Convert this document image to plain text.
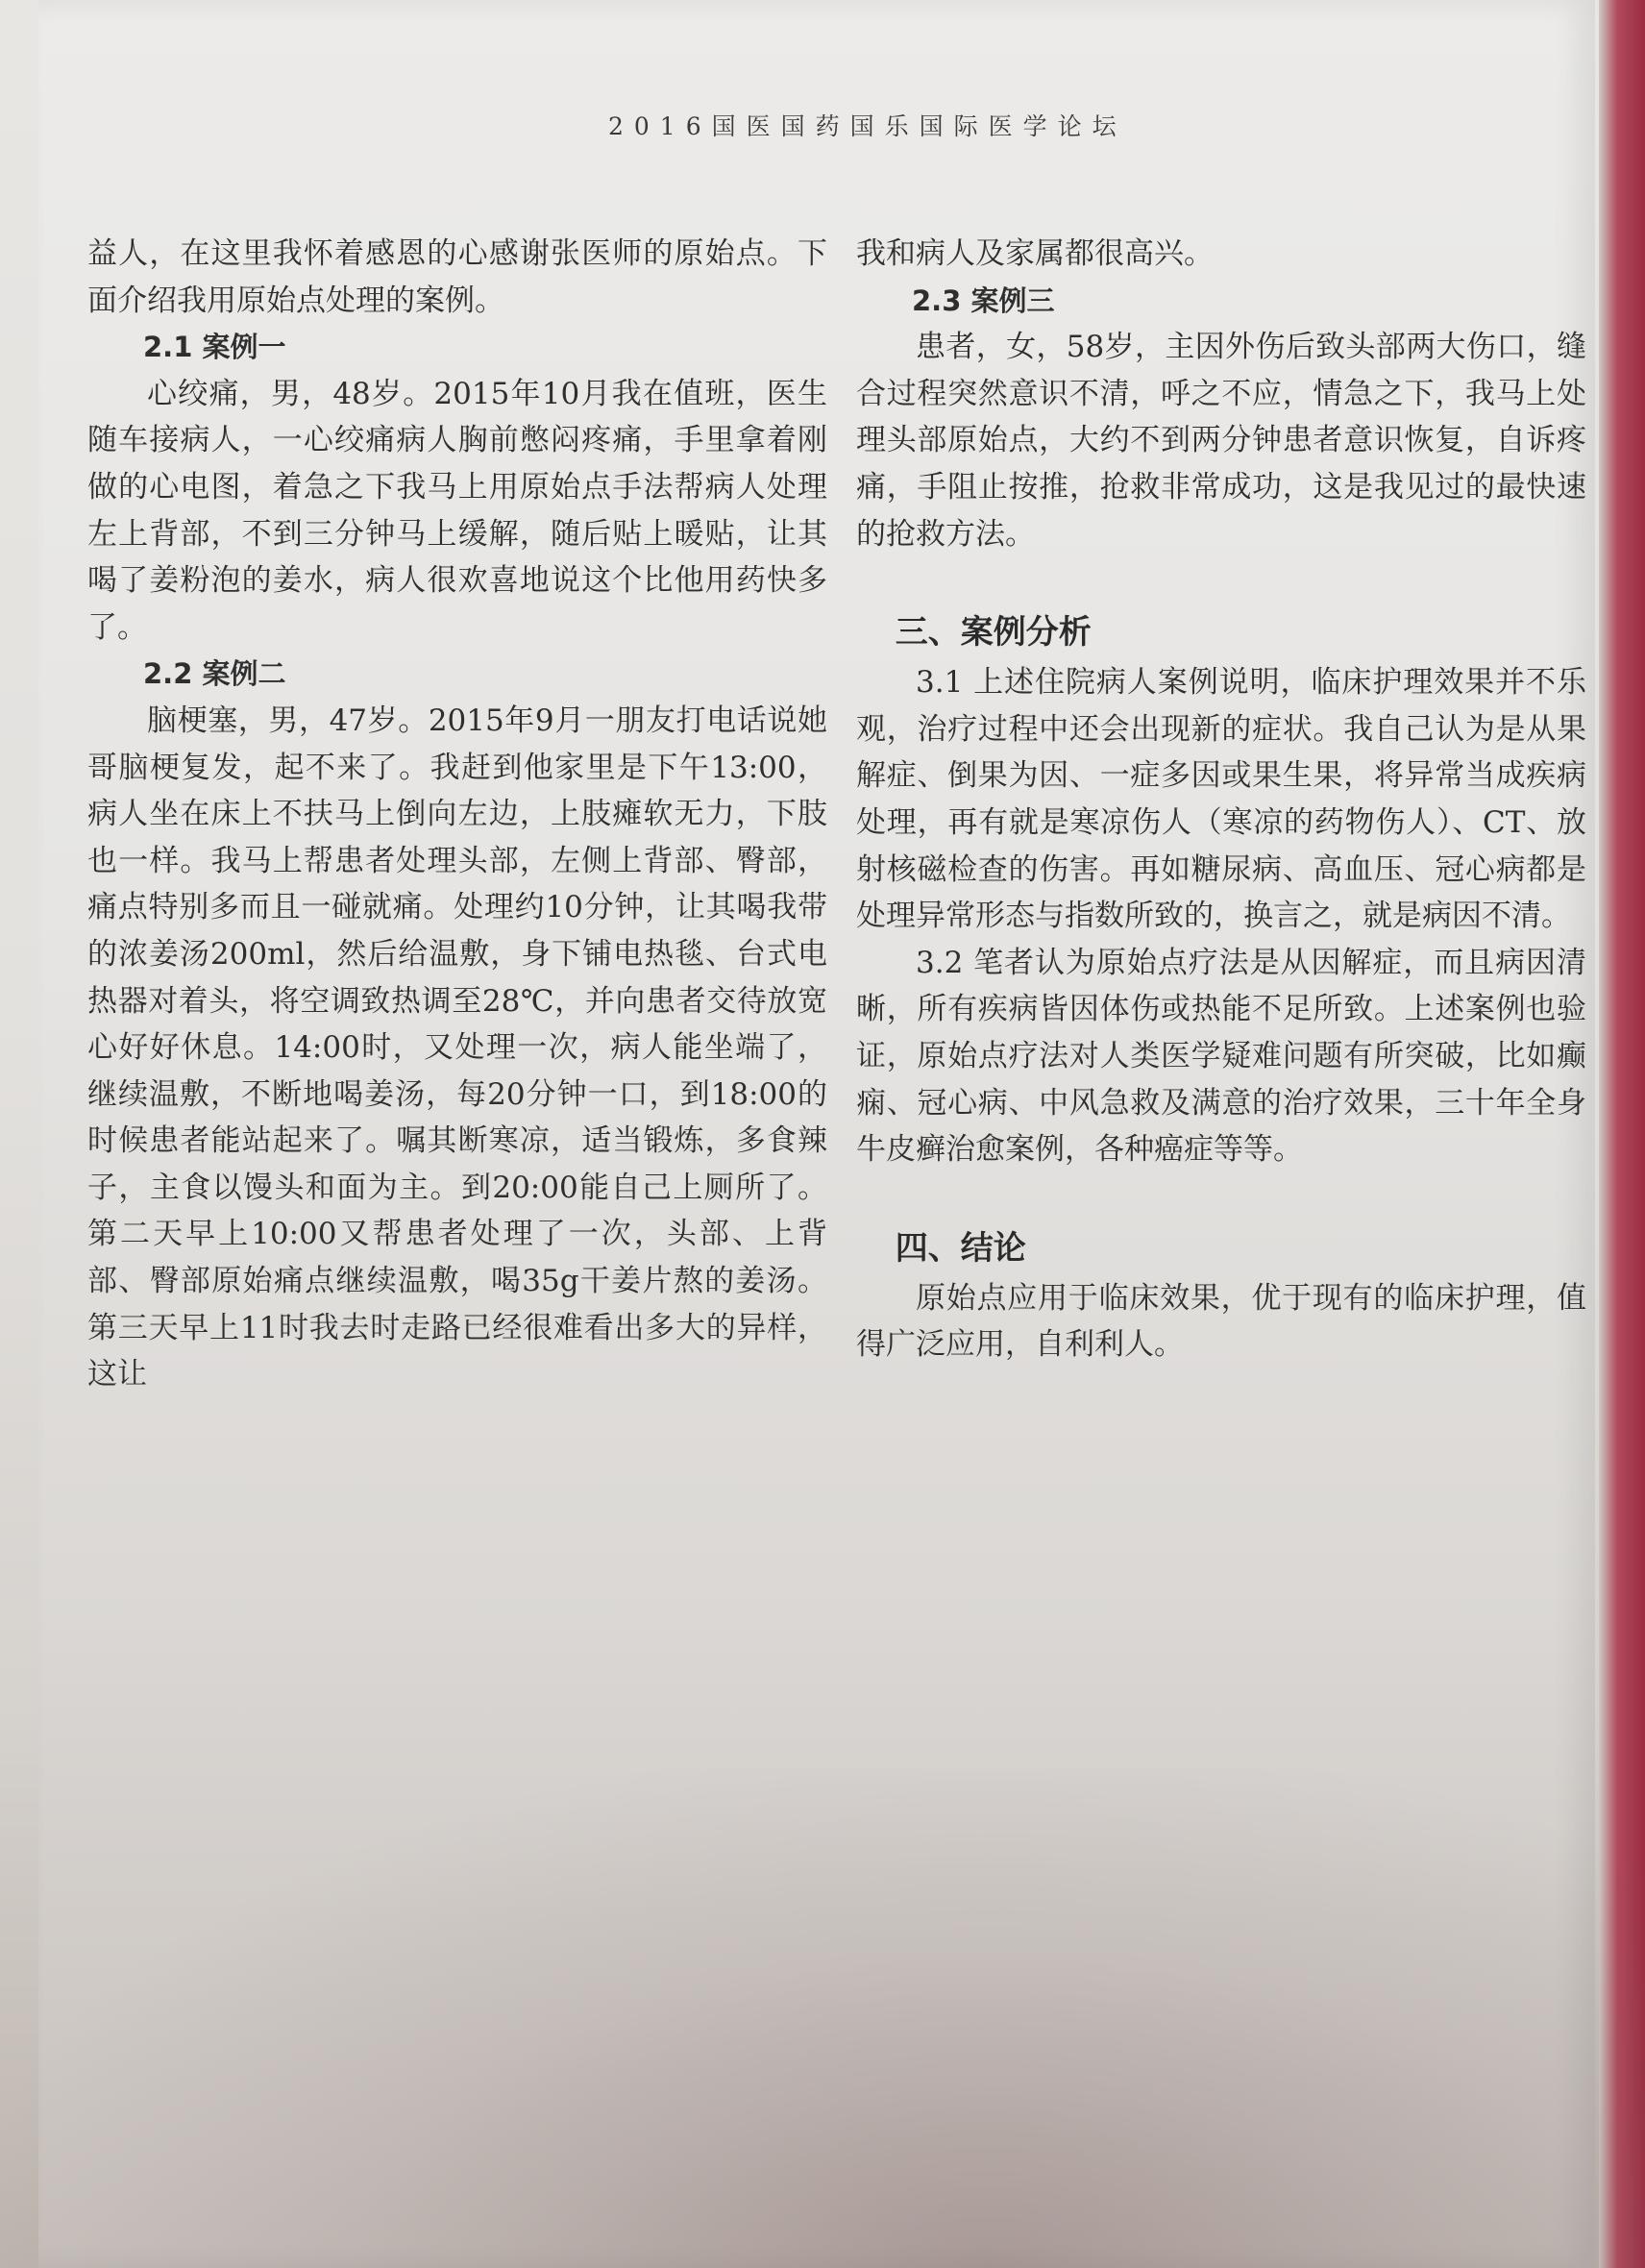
2016国医国药国乐国际医学论坛

益人，在这里我怀着感恩的心感谢张医师的原始点。下面介绍我用原始点处理的案例。

2.1 案例一

心绞痛，男，48岁。2015年10月我在值班，医生随车接病人，一心绞痛病人胸前憋闷疼痛，手里拿着刚做的心电图，着急之下我马上用原始点手法帮病人处理左上背部，不到三分钟马上缓解，随后贴上暖贴，让其喝了姜粉泡的姜水，病人很欢喜地说这个比他用药快多了。

2.2 案例二

脑梗塞，男，47岁。2015年9月一朋友打电话说她哥脑梗复发，起不来了。我赶到他家里是下午13:00，病人坐在床上不扶马上倒向左边，上肢瘫软无力，下肢也一样。我马上帮患者处理头部，左侧上背部、臀部，痛点特别多而且一碰就痛。处理约10分钟，让其喝我带的浓姜汤200ml，然后给温敷，身下铺电热毯、台式电热器对着头，将空调致热调至28℃，并向患者交待放宽心好好休息。14:00时，又处理一次，病人能坐端了，继续温敷，不断地喝姜汤，每20分钟一口，到18:00的时候患者能站起来了。嘱其断寒凉，适当锻炼，多食辣子，主食以馒头和面为主。到20:00能自己上厕所了。第二天早上10:00又帮患者处理了一次，头部、上背部、臀部原始痛点继续温敷，喝35g干姜片熬的姜汤。第三天早上11时我去时走路已经很难看出多大的异样，这让

我和病人及家属都很高兴。

2.3 案例三

患者，女，58岁，主因外伤后致头部两大伤口，缝合过程突然意识不清，呼之不应，情急之下，我马上处理头部原始点，大约不到两分钟患者意识恢复，自诉疼痛，手阻止按推，抢救非常成功，这是我见过的最快速的抢救方法。

三、案例分析

3.1 上述住院病人案例说明，临床护理效果并不乐观，治疗过程中还会出现新的症状。我自己认为是从果解症、倒果为因、一症多因或果生果，将异常当成疾病处理，再有就是寒凉伤人（寒凉的药物伤人）、CT、放射核磁检查的伤害。再如糖尿病、高血压、冠心病都是处理异常形态与指数所致的，换言之，就是病因不清。

3.2 笔者认为原始点疗法是从因解症，而且病因清晰，所有疾病皆因体伤或热能不足所致。上述案例也验证，原始点疗法对人类医学疑难问题有所突破，比如癫痫、冠心病、中风急救及满意的治疗效果，三十年全身牛皮癣治愈案例，各种癌症等等。

四、结论

原始点应用于临床效果，优于现有的临床护理，值得广泛应用，自利利人。
